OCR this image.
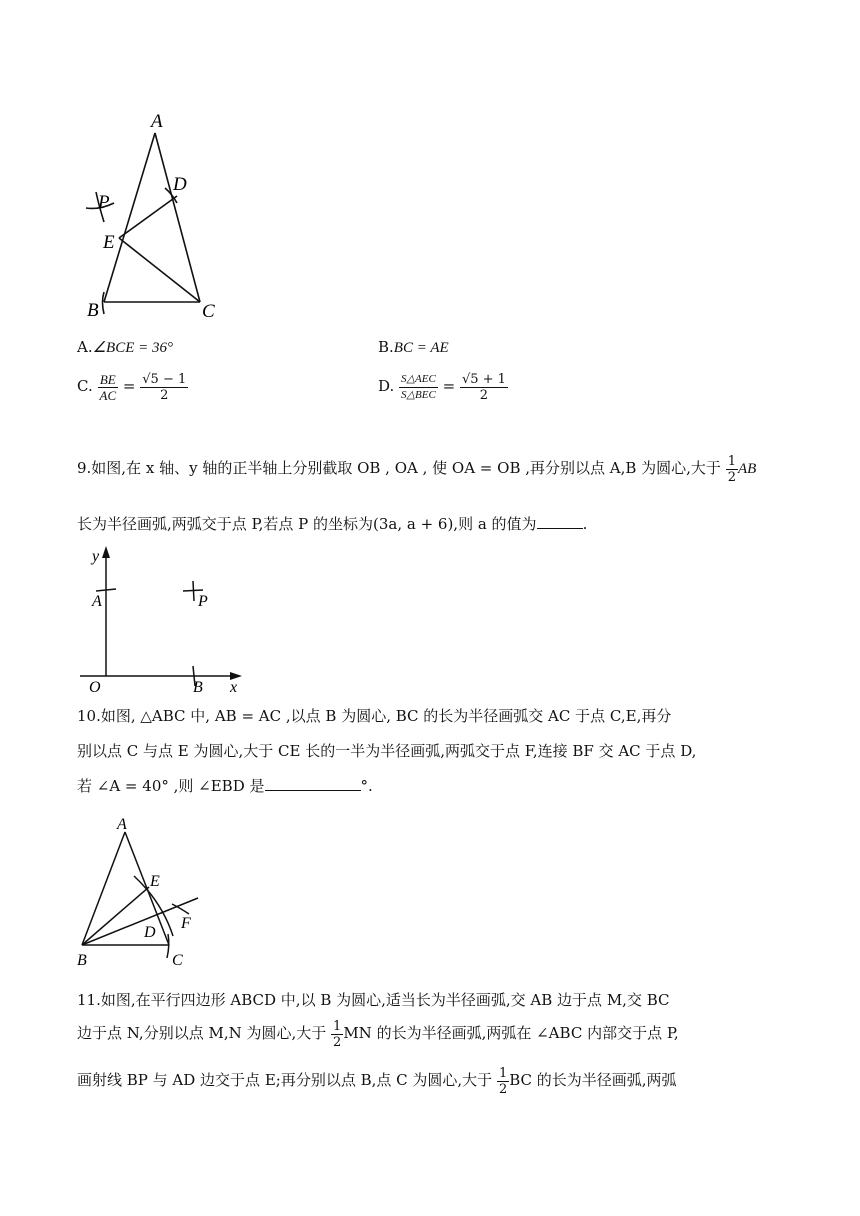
A
D
P
E
B	C
A.∠BCE = 36°	B.BC = AE
C. $\frac{BE}{AC} = \frac{√5 - 1}{2}$	D. $\frac{\text{S△AEC}}{\text{S△BEC}} = \frac{√5 + 1}{2}$
9.如图,在 x 轴、y 轴的正半轴上分别截取 OB , OA , 使 OA = OB ,再分别以点 A,B 为圆心,大于 $\frac{1}{2}$ AB
长为半径画弧,两弧交于点 P,若点 P 的坐标为(3a, a + 6),则 a 的值为	.
y
A	P
O	B x
10.如图, △ABC 中, AB = AC ,以点 B 为圆心, BC 的长为半径画弧交 AC 于点 C,E,再分
别以点 C 与点 E 为圆心,大于 CE 长的一半为半径画弧,两弧交于点 F,连接 BF 交 AC 于点 D,
若 ∠A = 40° ,则 ∠EBD 是	°.
A
E
F
D
B	C
11.如图,在平行四边形 ABCD 中,以 B 为圆心,适当长为半径画弧,交 AB 边于点 M,交 BC
边于点 N,分别以点 M,N 为圆心,大于 $\frac{1}{2}$ MN 的长为半径画弧,两弧在 ∠ABC 内部交于点 P,
画射线 BP 与 AD 边交于点 E;再分别以点 B,点 C 为圆心,大于 $\frac{1}{2}$ BC 的长为半径画弧,两弧
